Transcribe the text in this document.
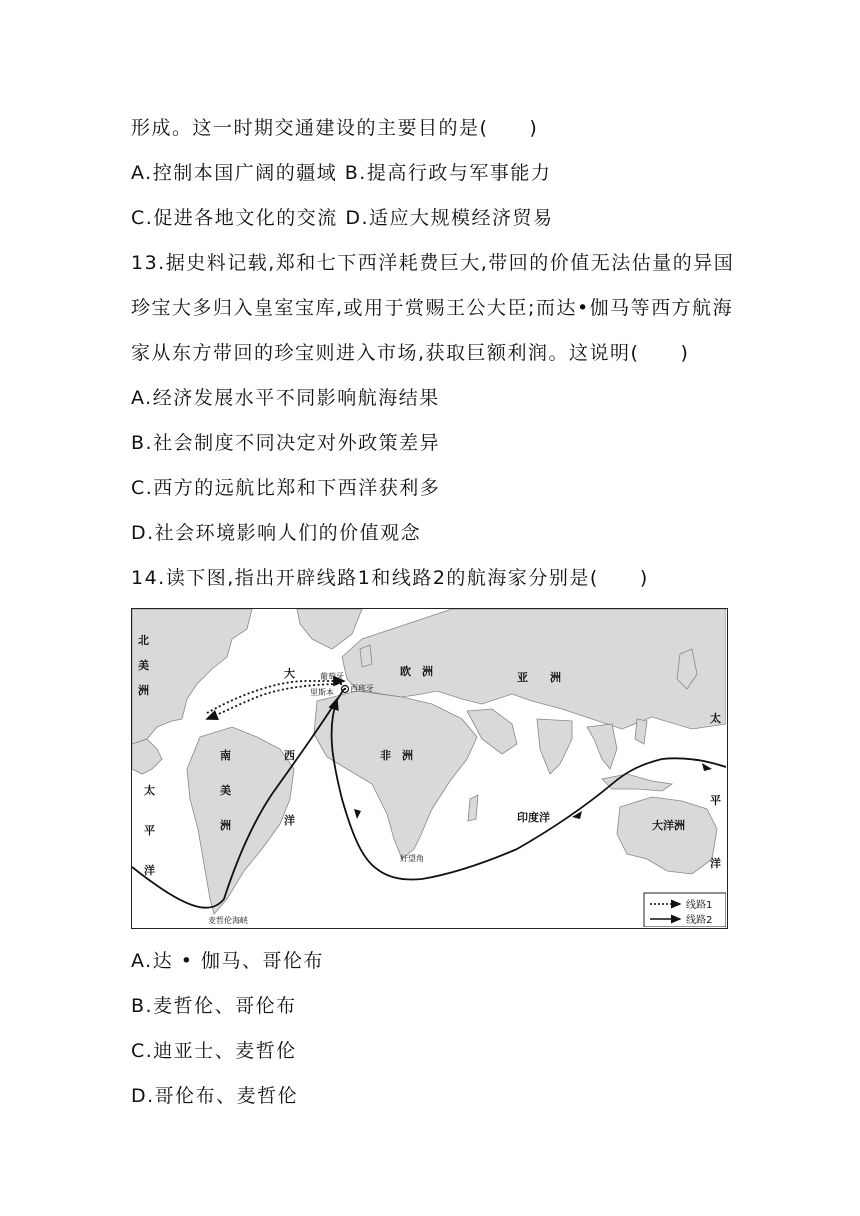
形成。这一时期交通建设的主要目的是(　　)
A.控制本国广阔的疆域 B.提高行政与军事能力
C.促进各地文化的交流 D.适应大规模经济贸易
13.据史料记载,郑和七下西洋耗费巨大,带回的价值无法估量的异国
珍宝大多归入皇室宝库,或用于赏赐王公大臣;而达•伽马等西方航海
家从东方带回的珍宝则进入市场,获取巨额利润。这说明(　　)
A.经济发展水平不同影响航海结果
B.社会制度不同决定对外政策差异
C.西方的远航比郑和下西洋获利多
D.社会环境影响人们的价值观念
14.读下图,指出开辟线路1和线路2的航海家分别是(　　)
北
美
洲
南
美
洲
欧　洲	亚　　洲
非　洲
大洋洲
大
西
洋	印度洋
太
平
洋
太
平
洋
葡萄牙
西班牙
里斯本
好望角
麦哲伦海峡
线路1
线路2
A.达 • 伽马、哥伦布
B.麦哲伦、哥伦布
C.迪亚士、麦哲伦
D.哥伦布、麦哲伦
